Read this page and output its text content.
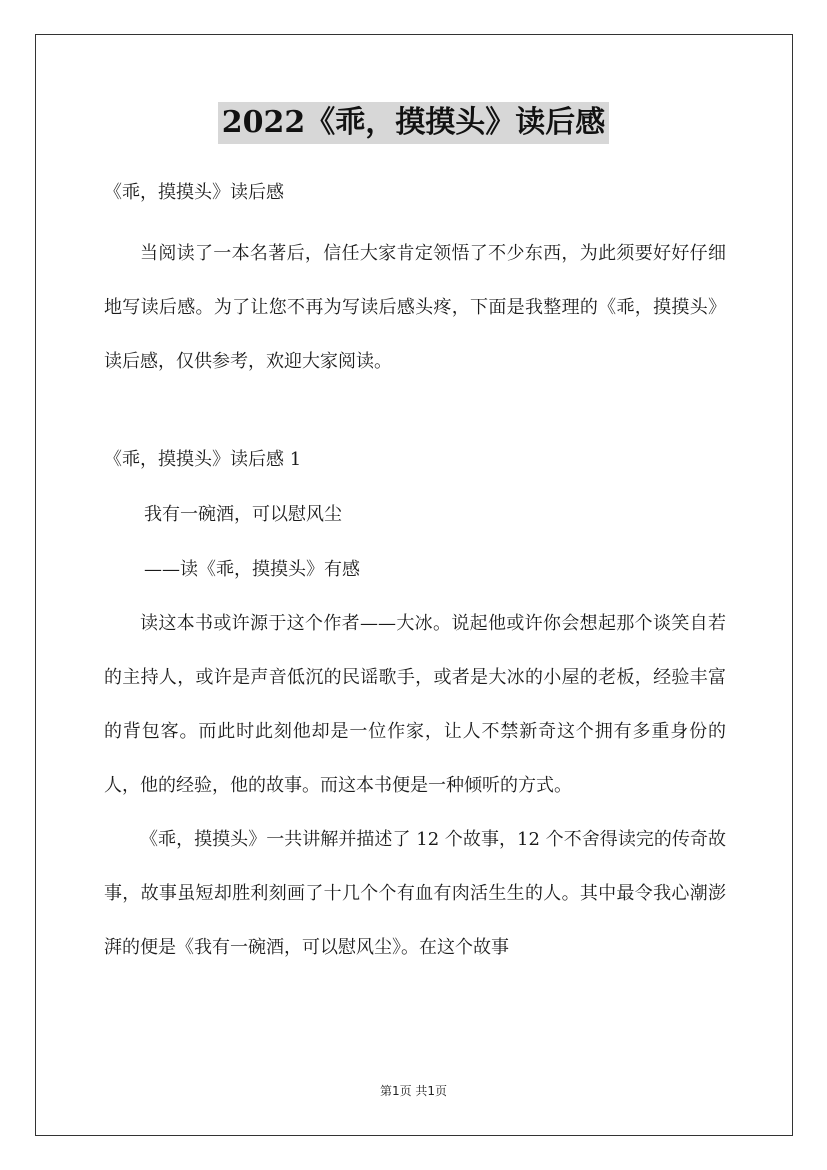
2022《乖，摸摸头》读后感
《乖，摸摸头》读后感

当阅读了一本名著后，信任大家肯定领悟了不少东西，为此须要好好仔细地写读后感。为了让您不再为写读后感头疼，下面是我整理的《乖，摸摸头》读后感，仅供参考，欢迎大家阅读。

《乖，摸摸头》读后感 1
我有一碗酒，可以慰风尘
——读《乖，摸摸头》有感

读这本书或许源于这个作者——大冰。说起他或许你会想起那个谈笑自若的主持人，或许是声音低沉的民谣歌手，或者是大冰的小屋的老板，经验丰富的背包客。而此时此刻他却是一位作家，让人不禁新奇这个拥有多重身份的人，他的经验，他的故事。而这本书便是一种倾听的方式。

《乖，摸摸头》一共讲解并描述了 12 个故事，12 个不舍得读完的传奇故事，故事虽短却胜利刻画了十几个个有血有肉活生生的人。其中最令我心潮澎湃的便是《我有一碗酒，可以慰风尘》。在这个故事

第1页 共1页
